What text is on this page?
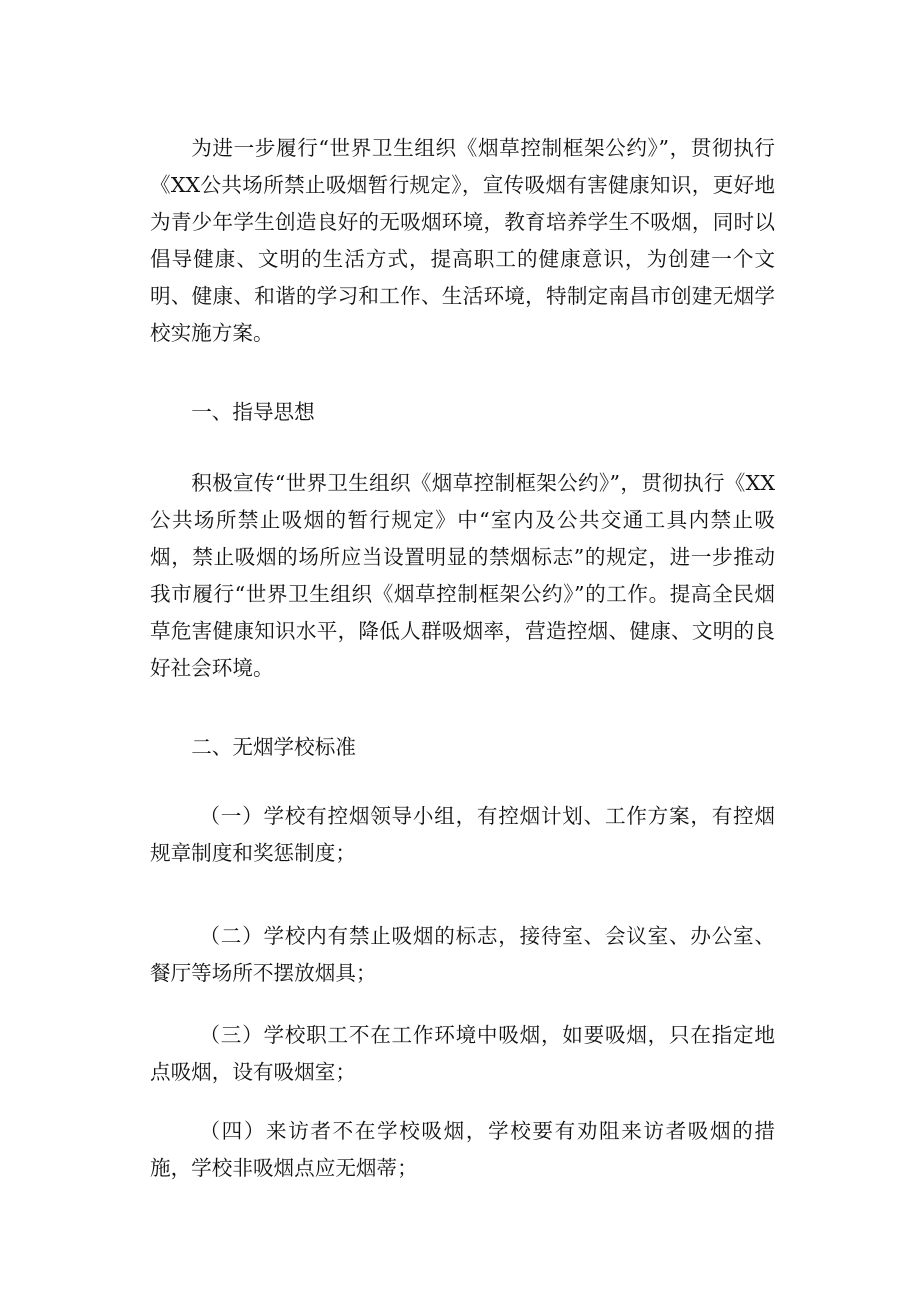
为进一步履行“世界卫生组织《烟草控制框架公约》”，贯彻执行《XX公共场所禁止吸烟暂行规定》，宣传吸烟有害健康知识，更好地为青少年学生创造良好的无吸烟环境，教育培养学生不吸烟，同时以倡导健康、文明的生活方式，提高职工的健康意识，为创建一个文明、健康、和谐的学习和工作、生活环境，特制定南昌市创建无烟学校实施方案。

一、指导思想

积极宣传“世界卫生组织《烟草控制框架公约》”，贯彻执行《XX公共场所禁止吸烟的暂行规定》中“室内及公共交通工具内禁止吸烟，禁止吸烟的场所应当设置明显的禁烟标志”的规定，进一步推动我市履行“世界卫生组织《烟草控制框架公约》”的工作。提高全民烟草危害健康知识水平，降低人群吸烟率，营造控烟、健康、文明的良好社会环境。

二、无烟学校标准

（一）学校有控烟领导小组，有控烟计划、工作方案，有控烟规章制度和奖惩制度；

（二）学校内有禁止吸烟的标志，接待室、会议室、办公室、餐厅等场所不摆放烟具；

（三）学校职工不在工作环境中吸烟，如要吸烟，只在指定地点吸烟，设有吸烟室；

（四）来访者不在学校吸烟，学校要有劝阻来访者吸烟的措施，学校非吸烟点应无烟蒂；
